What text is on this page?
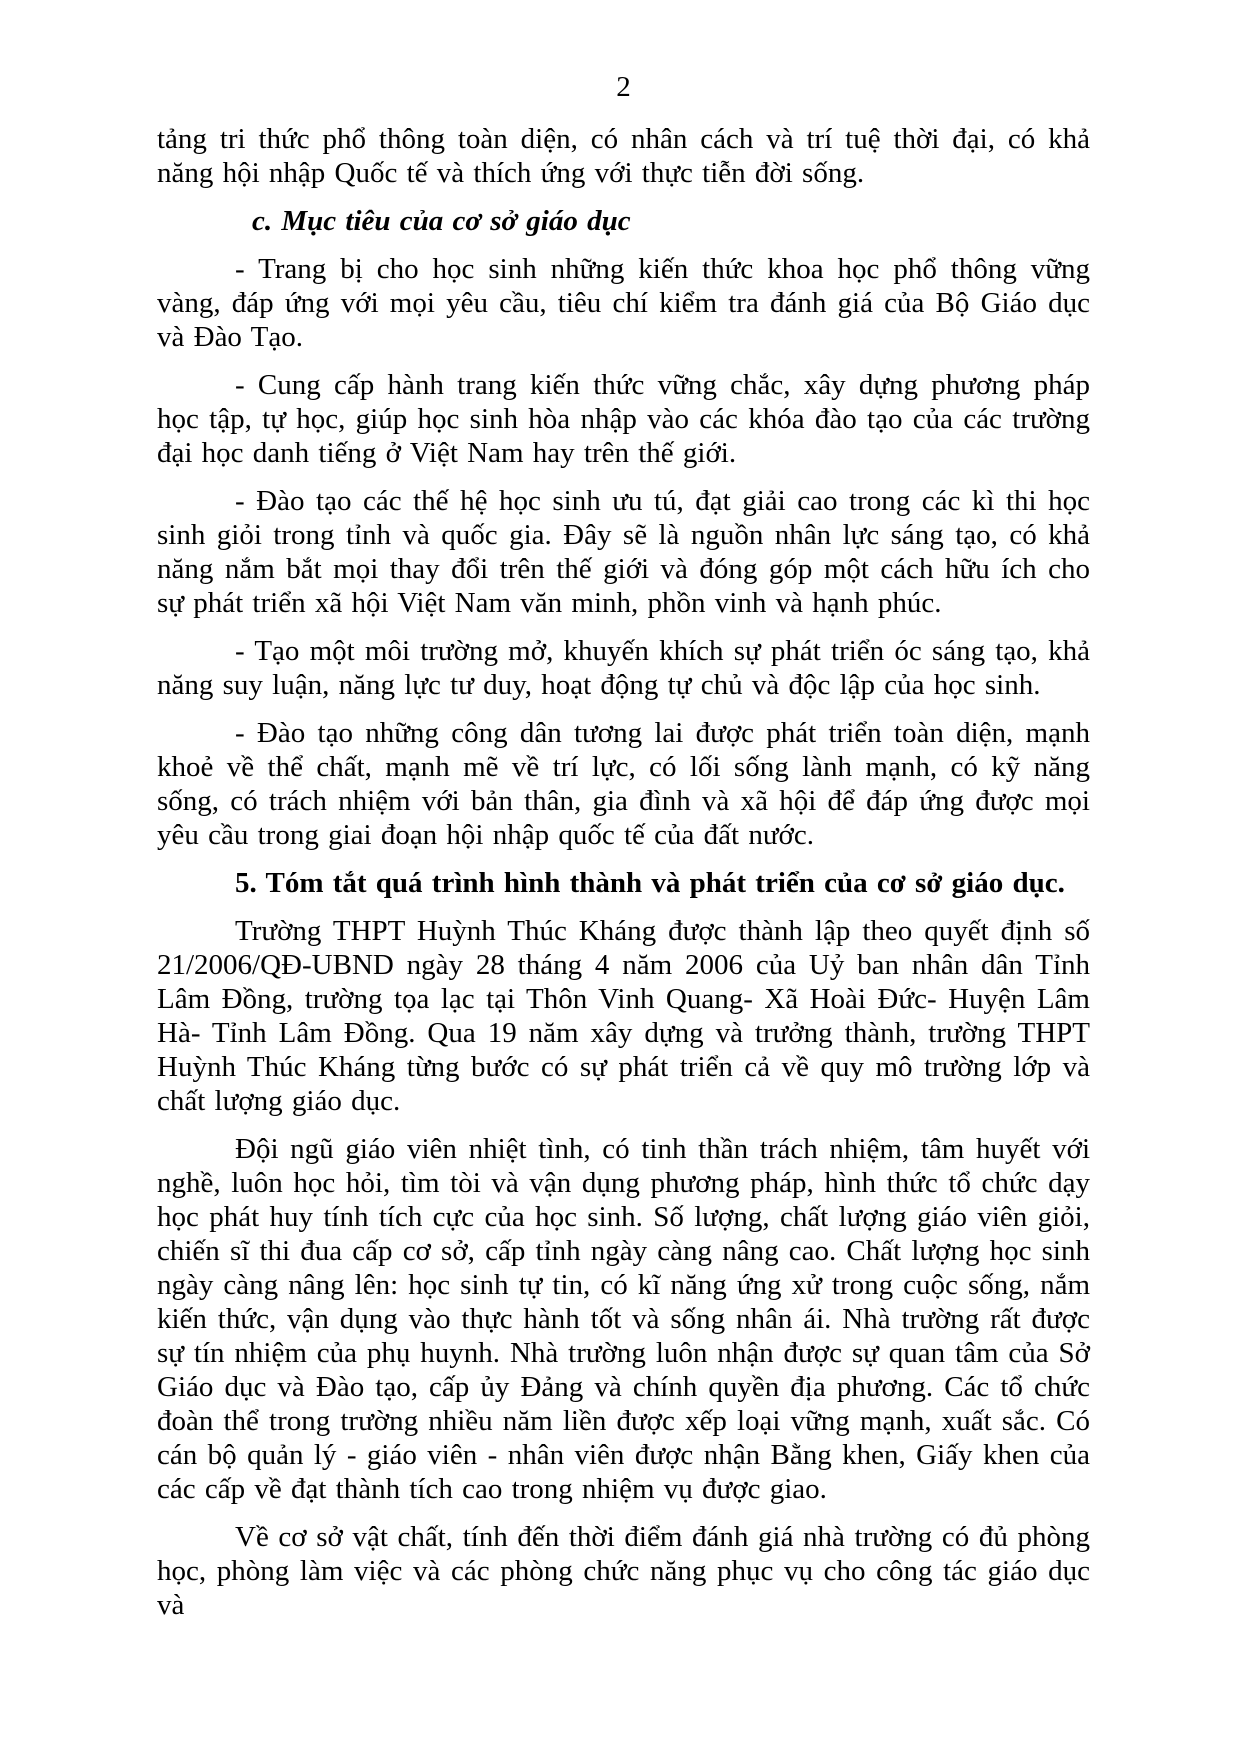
2

tảng tri thức phổ thông toàn diện, có nhân cách và trí tuệ thời đại, có khả năng hội nhập Quốc tế và thích ứng với thực tiễn đời sống.

c. Mục tiêu của cơ sở giáo dục

- Trang bị cho học sinh những kiến thức khoa học phổ thông vững vàng, đáp ứng với mọi yêu cầu, tiêu chí kiểm tra đánh giá của Bộ Giáo dục và Đào Tạo.

- Cung cấp hành trang kiến thức vững chắc, xây dựng phương pháp học tập, tự học, giúp học sinh hòa nhập vào các khóa đào tạo của các trường đại học danh tiếng ở Việt Nam hay trên thế giới.

- Đào tạo các thế hệ học sinh ưu tú, đạt giải cao trong các kì thi học sinh giỏi trong tỉnh và quốc gia. Đây sẽ là nguồn nhân lực sáng tạo, có khả năng nắm bắt mọi thay đổi trên thế giới và đóng góp một cách hữu ích cho sự phát triển xã hội Việt Nam văn minh, phồn vinh và hạnh phúc.

- Tạo một môi trường mở, khuyến khích sự phát triển óc sáng tạo, khả năng suy luận, năng lực tư duy, hoạt động tự chủ và độc lập của học sinh.

- Đào tạo những công dân tương lai được phát triển toàn diện, mạnh khoẻ về thể chất, mạnh mẽ về trí lực, có lối sống lành mạnh, có kỹ năng sống, có trách nhiệm với bản thân, gia đình và xã hội để đáp ứng được mọi yêu cầu trong giai đoạn hội nhập quốc tế của đất nước.

5. Tóm tắt quá trình hình thành và phát triển của cơ sở giáo dục.

Trường THPT Huỳnh Thúc Kháng được thành lập theo quyết định số 21/2006/QĐ-UBND ngày 28 tháng 4 năm 2006 của Uỷ ban nhân dân Tỉnh Lâm Đồng, trường tọa lạc tại Thôn Vinh Quang- Xã Hoài Đức- Huyện Lâm Hà- Tỉnh Lâm Đồng. Qua 19 năm xây dựng và trưởng thành, trường THPT Huỳnh Thúc Kháng từng bước có sự phát triển cả về quy mô trường lớp và chất lượng giáo dục.

Đội ngũ giáo viên nhiệt tình, có tinh thần trách nhiệm, tâm huyết với nghề, luôn học hỏi, tìm tòi và vận dụng phương pháp, hình thức tổ chức dạy học phát huy tính tích cực của học sinh. Số lượng, chất lượng giáo viên giỏi, chiến sĩ thi đua cấp cơ sở, cấp tỉnh ngày càng nâng cao. Chất lượng học sinh ngày càng nâng lên: học sinh tự tin, có kĩ năng ứng xử trong cuộc sống, nắm kiến thức, vận dụng vào thực hành tốt và sống nhân ái. Nhà trường rất được sự tín nhiệm của phụ huynh. Nhà trường luôn nhận được sự quan tâm của Sở Giáo dục và Đào tạo, cấp ủy Đảng và chính quyền địa phương. Các tổ chức đoàn thể trong trường nhiều năm liền được xếp loại vững mạnh, xuất sắc. Có cán bộ quản lý - giáo viên - nhân viên được nhận Bằng khen, Giấy khen của các cấp về đạt thành tích cao trong nhiệm vụ được giao.

Về cơ sở vật chất, tính đến thời điểm đánh giá nhà trường có đủ phòng học, phòng làm việc và các phòng chức năng phục vụ cho công tác giáo dục và
